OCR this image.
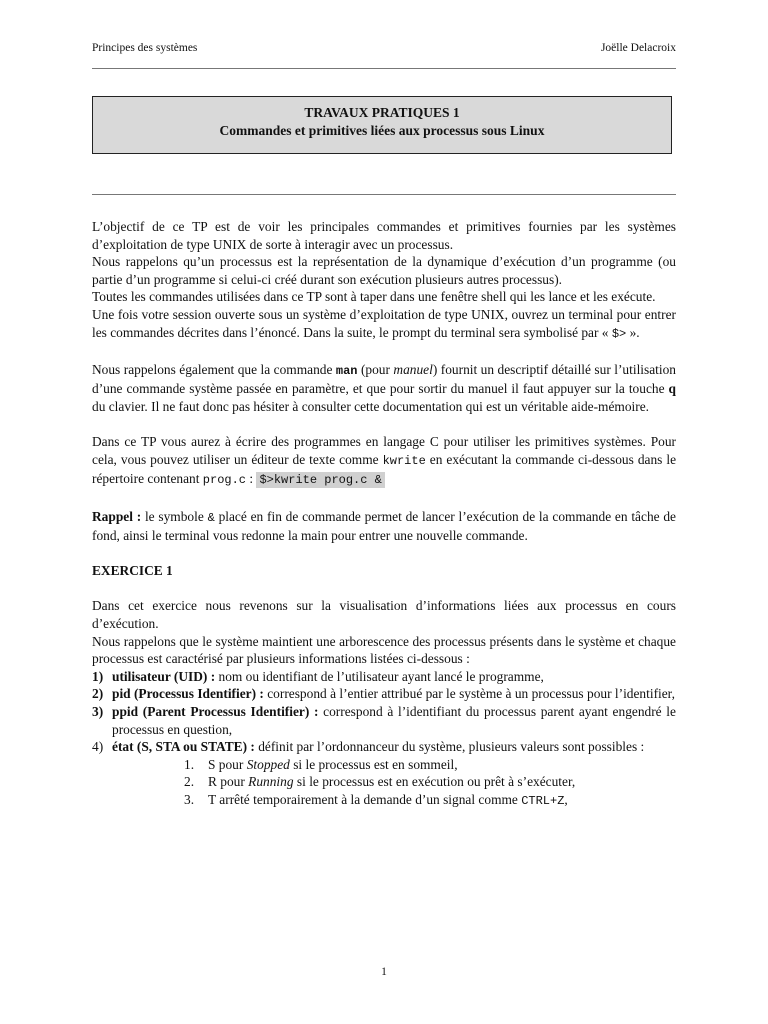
Principes des systèmes	Joëlle Delacroix
TRAVAUX PRATIQUES 1
Commandes et primitives liées aux processus sous Linux

L’objectif de ce TP est de voir les principales commandes et primitives fournies par les systèmes d’exploitation de type UNIX de sorte à interagir avec un processus.

Nous rappelons qu’un processus est la représentation de la dynamique d’exécution d’un programme (ou partie d’un programme si celui-ci créé durant son exécution plusieurs autres processus).

Toutes les commandes utilisées dans ce TP sont à taper dans une fenêtre shell qui les lance et les exécute.

Une fois votre session ouverte sous un système d’exploitation de type UNIX, ouvrez un terminal pour entrer les commandes décrites dans l’énoncé. Dans la suite, le prompt du terminal sera symbolisé par « $> ».

Nous rappelons également que la commande man (pour manuel) fournit un descriptif détaillé sur l’utilisation d’une commande système passée en paramètre, et que pour sortir du manuel il faut appuyer sur la touche q du clavier. Il ne faut donc pas hésiter à consulter cette documentation qui est un véritable aide-mémoire.

Dans ce TP vous aurez à écrire des programmes en langage C pour utiliser les primitives systèmes. Pour cela, vous pouvez utiliser un éditeur de texte comme kwrite en exécutant la commande ci-dessous dans le répertoire contenant prog.c : $>kwrite prog.c &

Rappel : le symbole & placé en fin de commande permet de lancer l’exécution de la commande en tâche de fond, ainsi le terminal vous redonne la main pour entrer une nouvelle commande.

EXERCICE 1

Dans cet exercice nous revenons sur la visualisation d’informations liées aux processus en cours d’exécution.

Nous rappelons que le système maintient une arborescence des processus présents dans le système et chaque processus est caractérisé par plusieurs informations listées ci-dessous :

1) utilisateur (UID) : nom ou identifiant de l’utilisateur ayant lancé le programme,
2) pid (Processus Identifier) : correspond à l’entier attribué par le système à un processus pour l’identifier,
3) ppid (Parent Processus Identifier) : correspond à l’identifiant du processus parent ayant engendré le processus en question,
4) état (S, STA ou STATE) : définit par l’ordonnanceur du système, plusieurs valeurs sont possibles :
1. S pour Stopped si le processus est en sommeil,
2. R pour Running si le processus est en exécution ou prêt à s’exécuter,
3. T arrêté temporairement à la demande d’un signal comme CTRL+Z,
1
